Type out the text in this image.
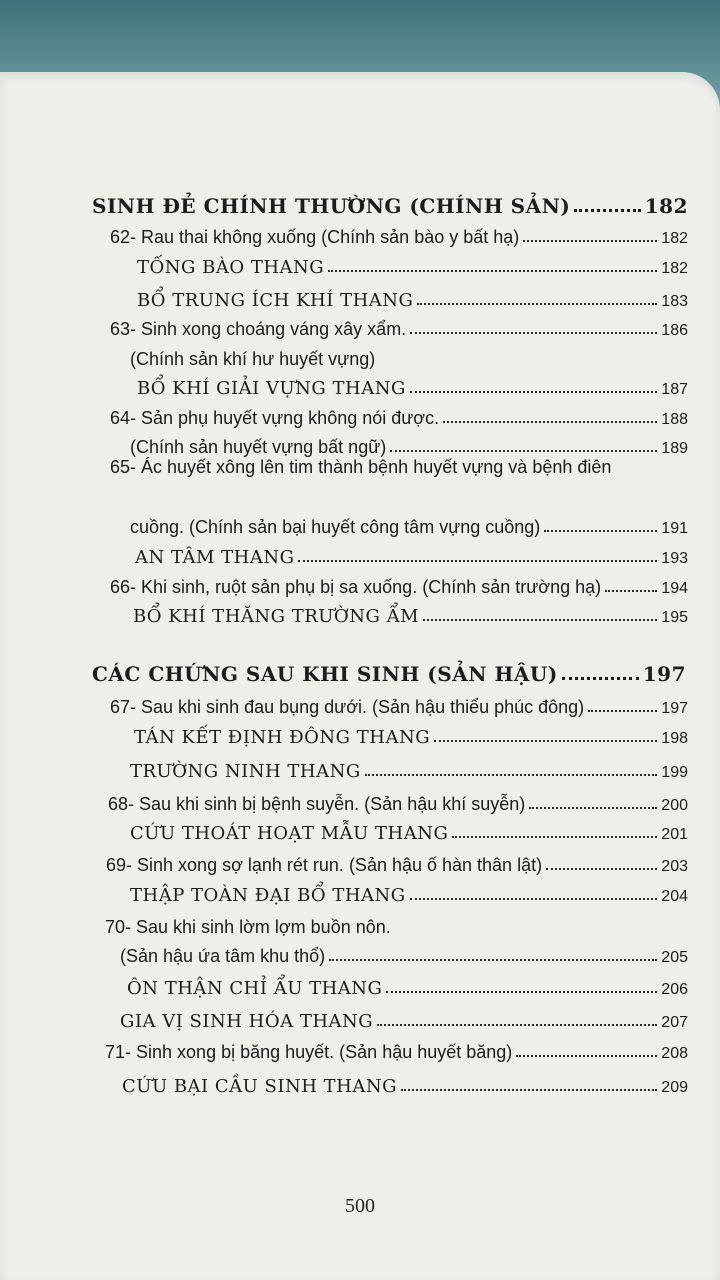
SINH ĐẺ CHÍNH THƯỜNG (CHÍNH SẢN)	182
62- Rau thai không xuống (Chính sản bào y bất hạ)	182
TỐNG BÀO THANG	182
BỔ TRUNG ÍCH KHÍ THANG	183
63- Sinh xong choáng váng xây xẩm.	186
(Chính sản khí hư huyết vựng)
BỔ KHÍ GIẢI VỰNG THANG	187
64- Sản phụ huyết vựng không nói được.	188
(Chính sản huyết vựng bất ngữ)	189
65- Ác huyết xông lên tim thành bệnh huyết vựng và bệnh điên
cuồng. (Chính sản bại huyết công tâm vựng cuồng)	191
AN TÂM THANG	193
66- Khi sinh, ruột sản phụ bị sa xuống. (Chính sản trường hạ)	194
BỔ KHÍ THĂNG TRƯỜNG ẨM	195
CÁC CHỨNG SAU KHI SINH (SẢN HẬU)	197
67- Sau khi sinh đau bụng dưới. (Sản hậu thiểu phúc đông)	197
TÁN KẾT ĐỊNH ĐÔNG THANG	198
TRƯỜNG NINH THANG	199
68- Sau khi sinh bị bệnh suyễn. (Sản hậu khí suyễn)	200
CỨU THOÁT HOẠT MẪU THANG	201
69- Sinh xong sợ lạnh rét run. (Sản hậu ố hàn thân lật)	203
THẬP TOÀN ĐẠI BỔ THANG	204
70- Sau khi sinh lờm lợm buồn nôn.
(Sản hậu ứa tâm khu thổ)	205
ÔN THẬN CHỈ ẨU THANG	206
GIA VỊ SINH HÓA THANG	207
71- Sinh xong bị băng huyết. (Sản hậu huyết băng)	208
CỨU BẠI CẦU SINH THANG	209
500
